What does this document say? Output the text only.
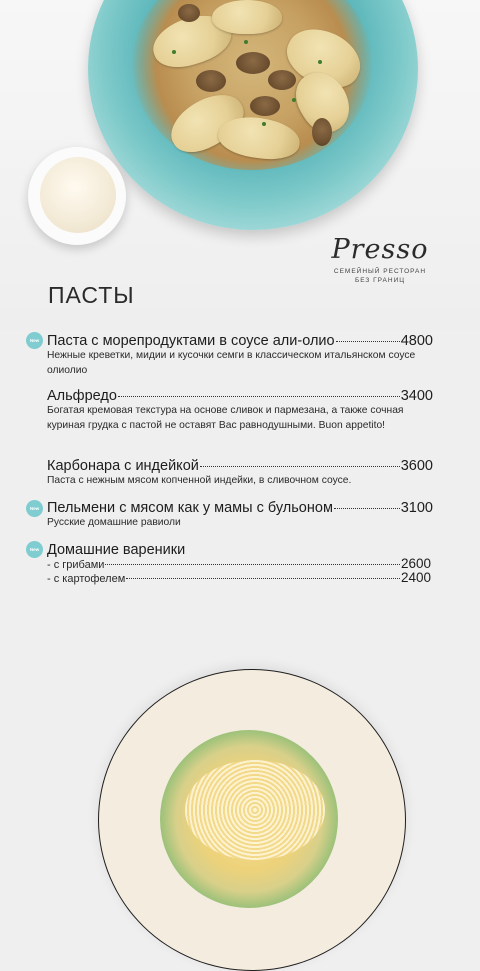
Presso
СЕМЕЙНЫЙ РЕСТОРАН
БЕЗ ГРАНИЦ
ПАСТЫ
New Паста с морепродуктами в соусе али-олио	4800
Нежные креветки, мидии и кусочки семги в классическом итальянском соусе олиолио
Альфредо	3400
Богатая кремовая текстура на основе сливок и пармезана, а также сочная куриная грудка с пастой не оставят Вас равнодушными. Buon appetito!
Карбонара с индейкой	3600
Паста с нежным мясом копченной индейки, в сливочном соусе.
New Пельмени с мясом как у мамы с бульоном	3100
Русские домашние равиоли
New Домашние вареники
- с грибами	2600
- с картофелем	2400
